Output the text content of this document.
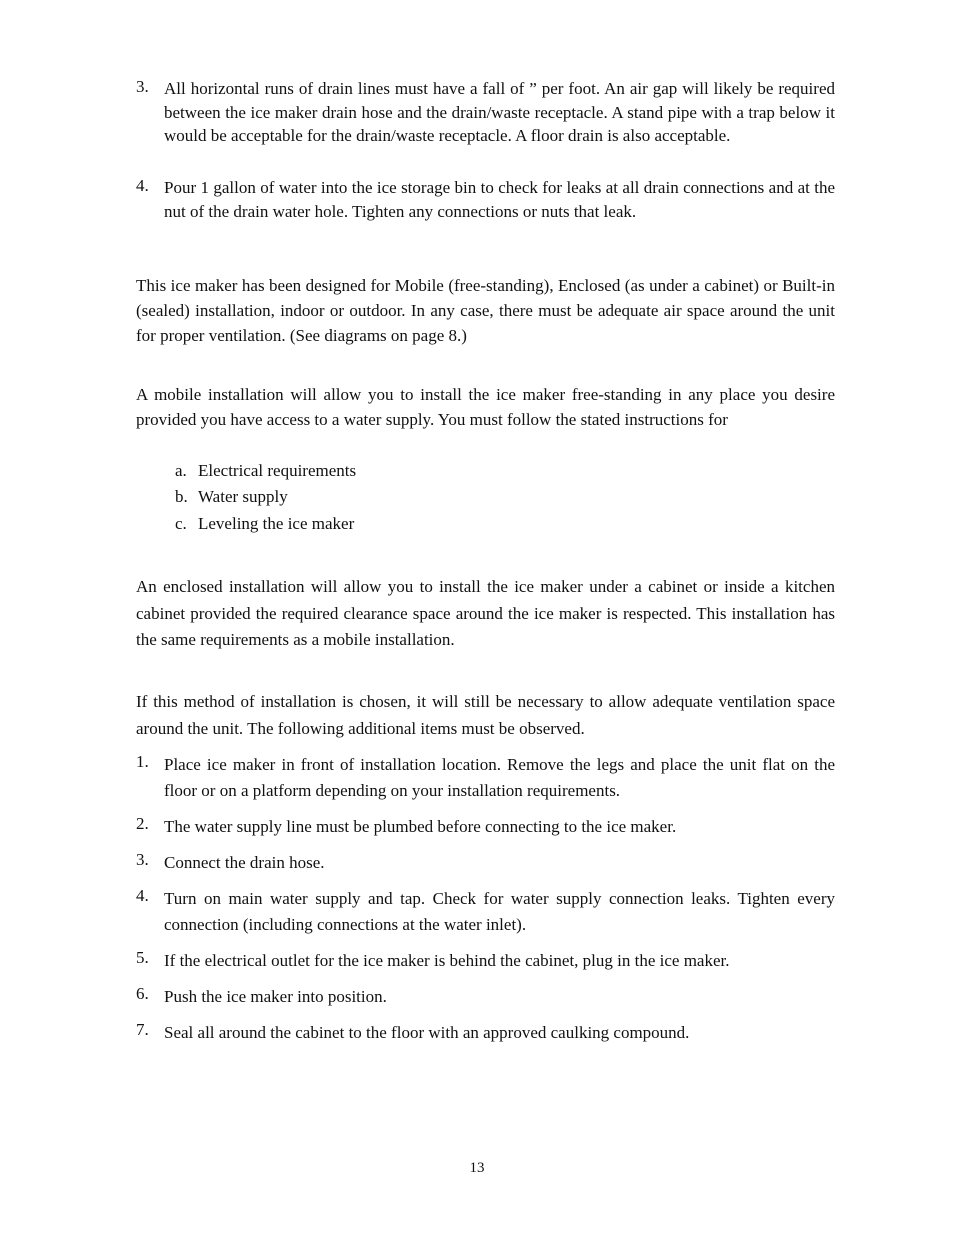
3. All horizontal runs of drain lines must have a fall of ” per foot. An air gap will likely be required between the ice maker drain hose and the drain/waste receptacle. A stand pipe with a trap below it would be acceptable for the drain/waste receptacle. A floor drain is also acceptable.
4. Pour 1 gallon of water into the ice storage bin to check for leaks at all drain connections and at the nut of the drain water hole. Tighten any connections or nuts that leak.

This ice maker has been designed for Mobile (free-standing), Enclosed (as under a cabinet) or Built-in (sealed) installation, indoor or outdoor. In any case, there must be adequate air space around the unit for proper ventilation. (See diagrams on page 8.)

A mobile installation will allow you to install the ice maker free-standing in any place you desire provided you have access to a water supply. You must follow the stated instructions for

a. Electrical requirements
b. Water supply
c. Leveling the ice maker

An enclosed installation will allow you to install the ice maker under a cabinet or inside a kitchen cabinet provided the required clearance space around the ice maker is respected. This installation has the same requirements as a mobile installation.

If this method of installation is chosen, it will still be necessary to allow adequate ventilation space around the unit. The following additional items must be observed.

1. Place ice maker in front of installation location. Remove the legs and place the unit flat on the floor or on a platform depending on your installation requirements.
2. The water supply line must be plumbed before connecting to the ice maker.
3. Connect the drain hose.
4. Turn on main water supply and tap. Check for water supply connection leaks. Tighten every connection (including connections at the water inlet).
5. If the electrical outlet for the ice maker is behind the cabinet, plug in the ice maker.
6. Push the ice maker into position.
7. Seal all around the cabinet to the floor with an approved caulking compound.
13
